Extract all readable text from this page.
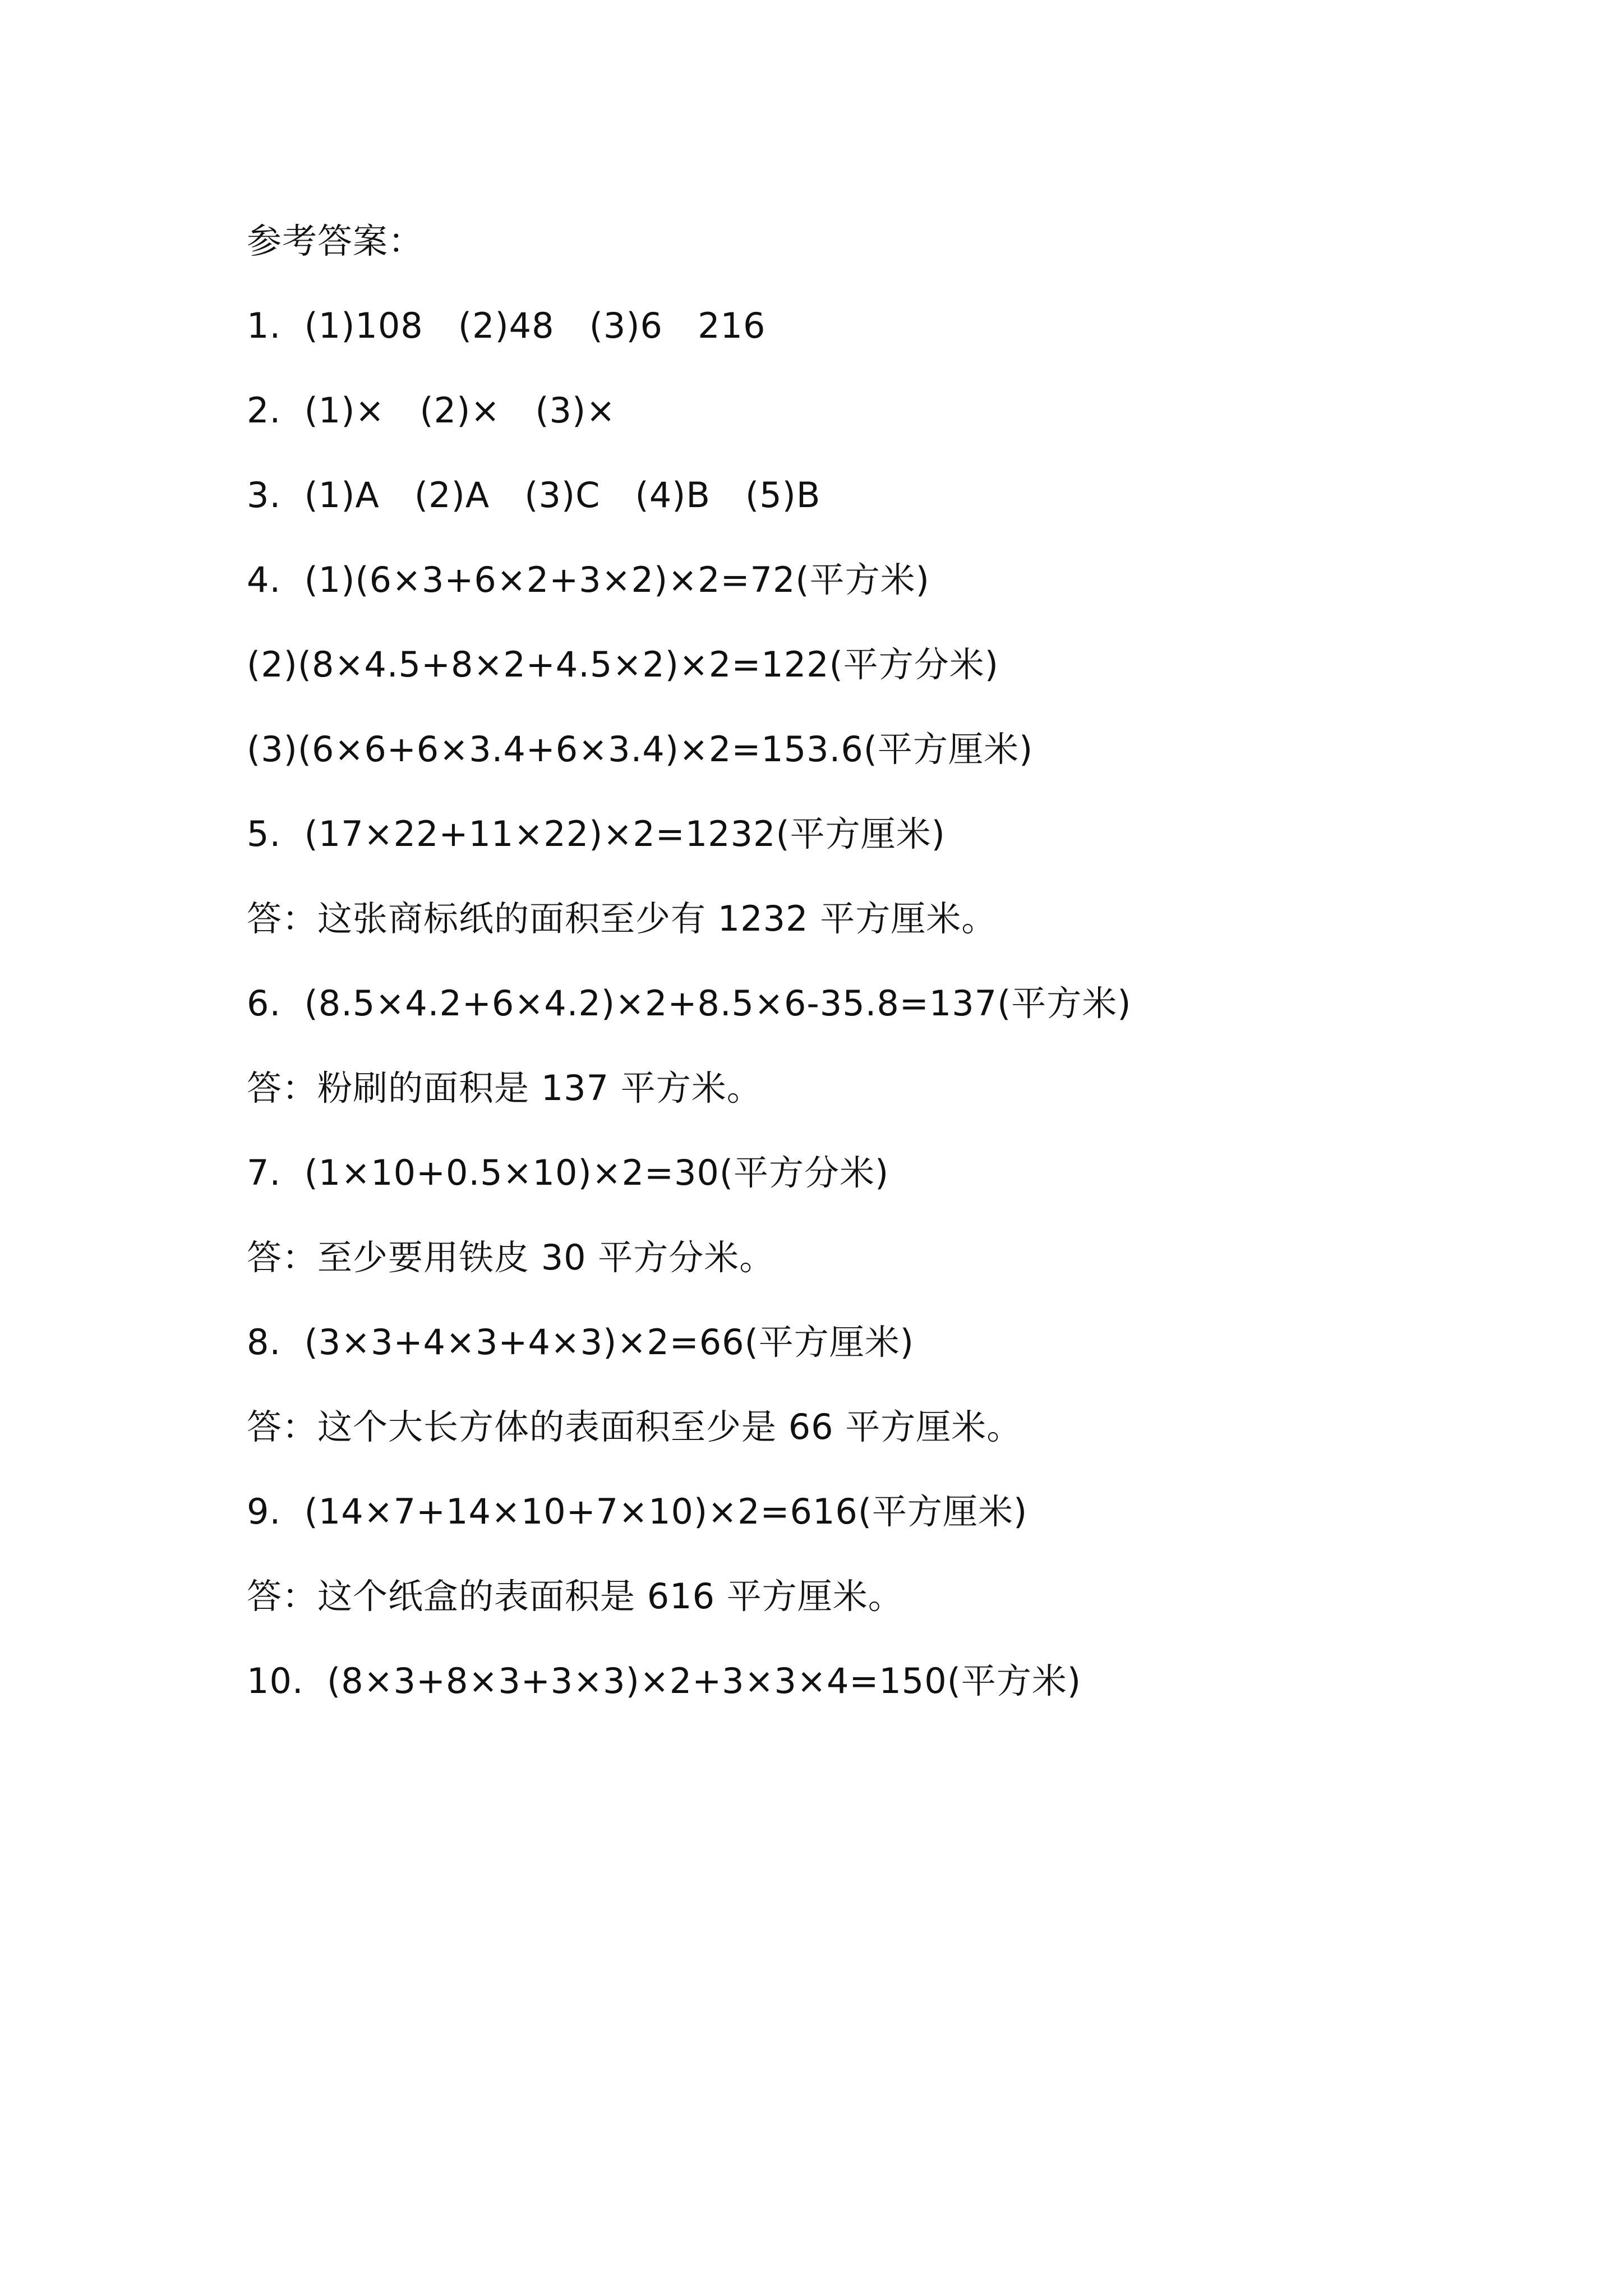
参考答案：
1.  (1)108   (2)48   (3)6   216
2.  (1)×   (2)×   (3)×
3.  (1)A   (2)A   (3)C   (4)B   (5)B
4.  (1)(6×3+6×2+3×2)×2=72(平方米)
(2)(8×4.5+8×2+4.5×2)×2=122(平方分米)
(3)(6×6+6×3.4+6×3.4)×2=153.6(平方厘米)
5.  (17×22+11×22)×2=1232(平方厘米)
答：这张商标纸的面积至少有 1232 平方厘米。
6.  (8.5×4.2+6×4.2)×2+8.5×6-35.8=137(平方米)
答：粉刷的面积是 137 平方米。
7.  (1×10+0.5×10)×2=30(平方分米)
答：至少要用铁皮 30 平方分米。
8.  (3×3+4×3+4×3)×2=66(平方厘米)
答：这个大长方体的表面积至少是 66 平方厘米。
9.  (14×7+14×10+7×10)×2=616(平方厘米)
答：这个纸盒的表面积是 616 平方厘米。
10.  (8×3+8×3+3×3)×2+3×3×4=150(平方米)
